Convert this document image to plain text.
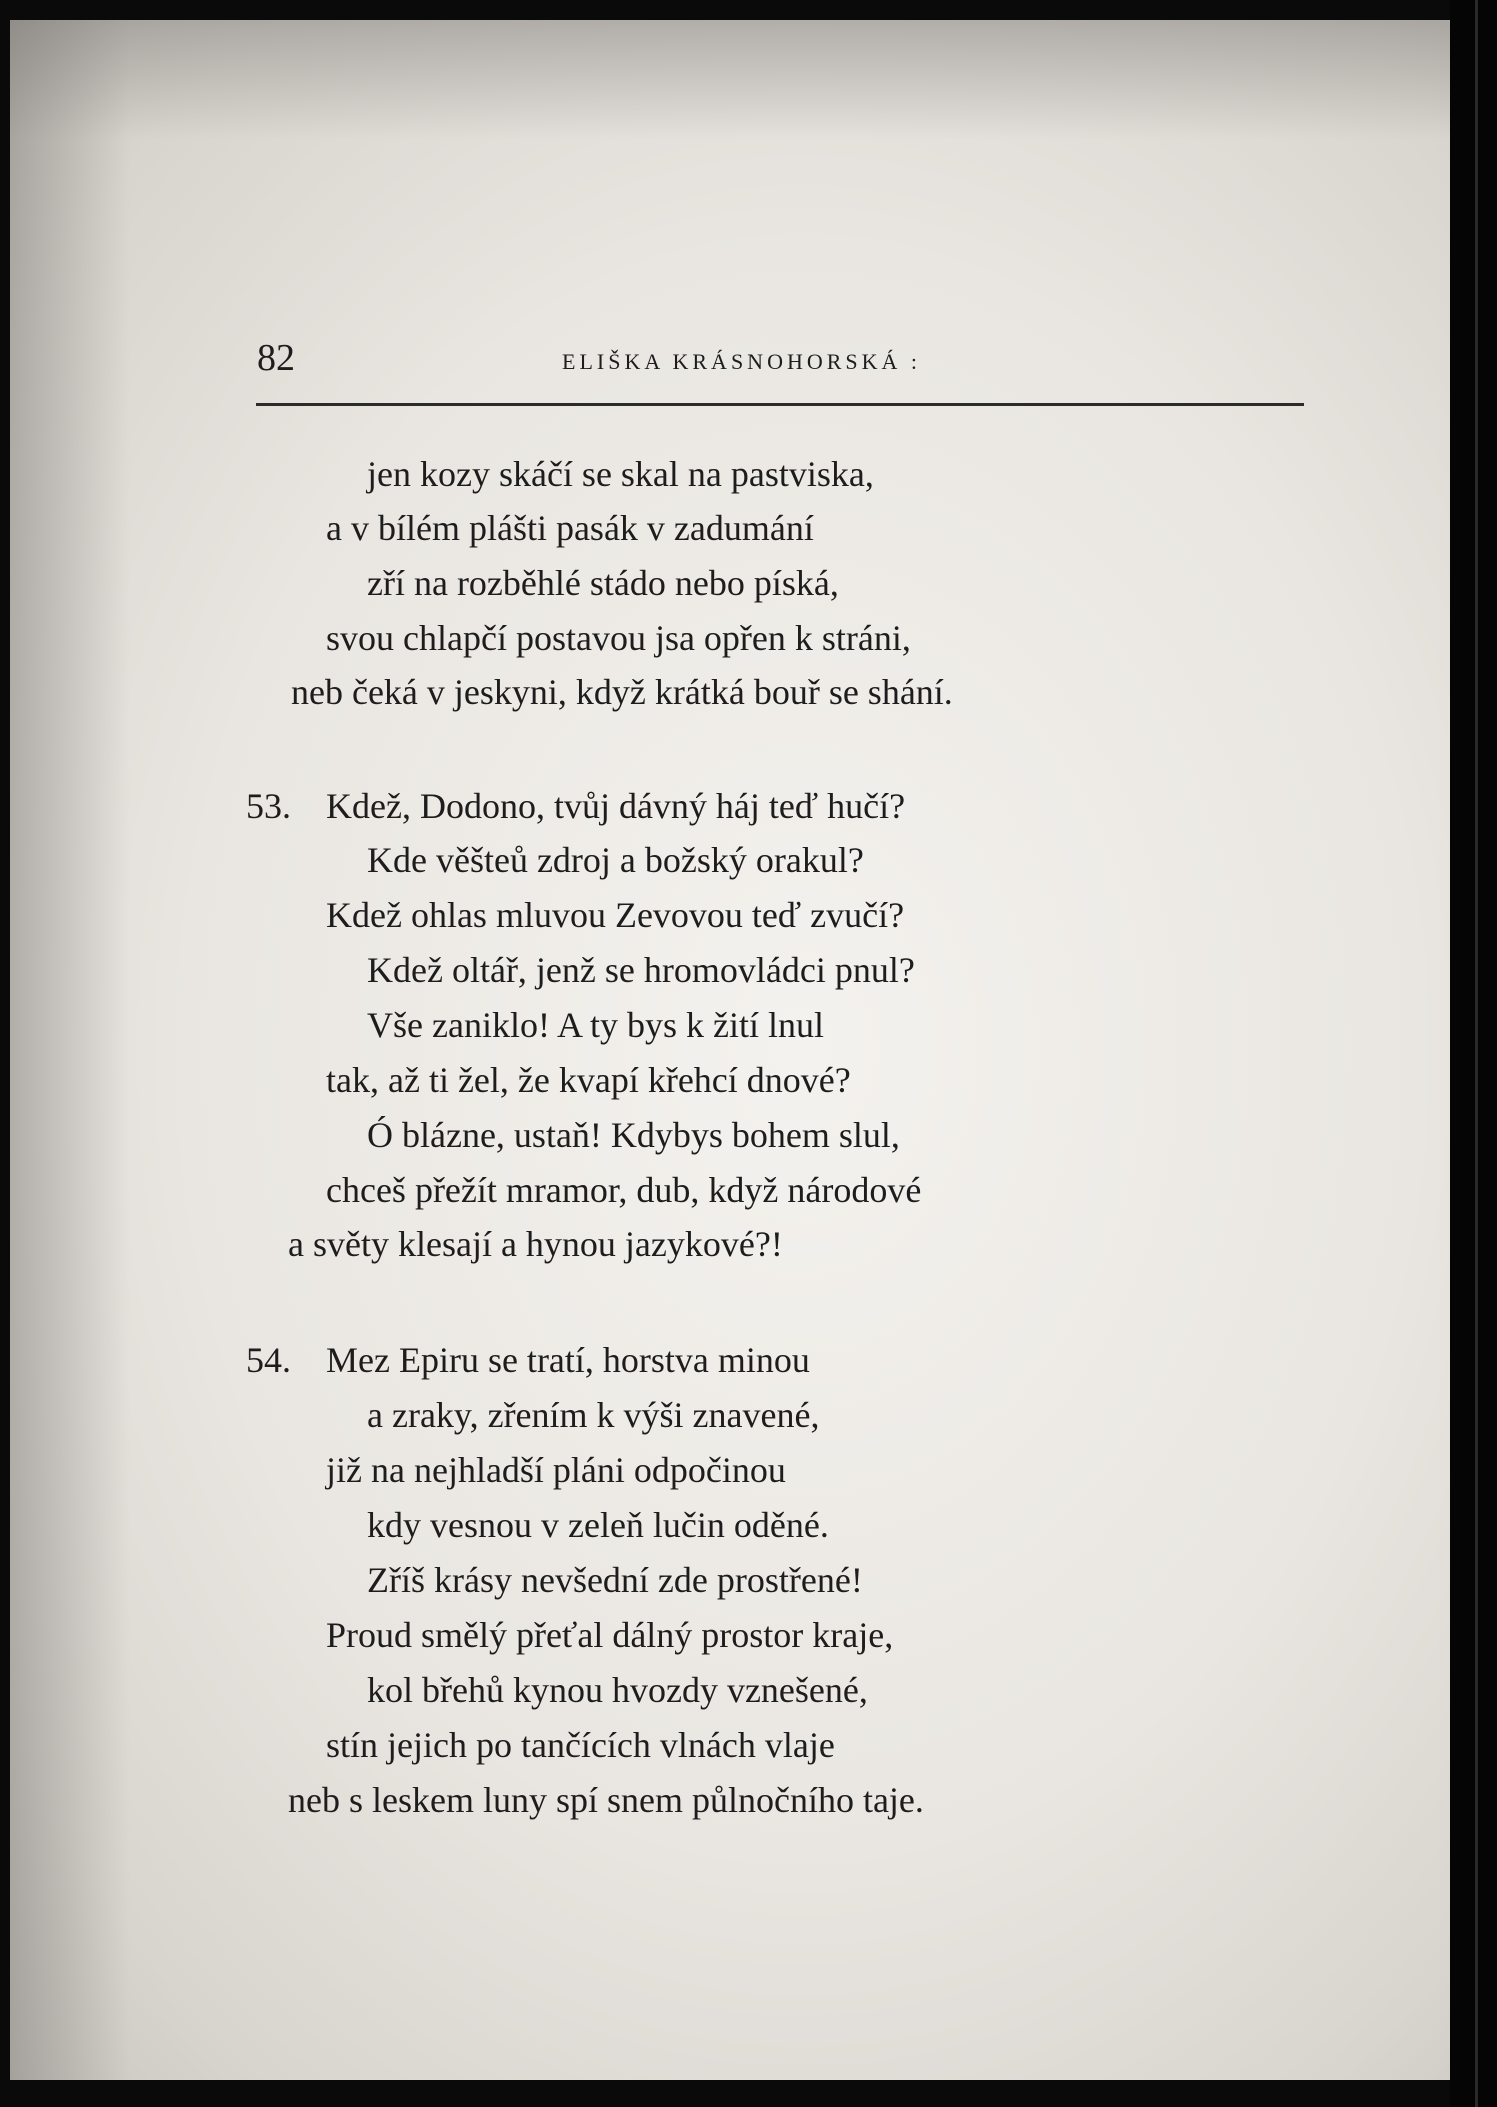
82	ELIŠKA KRÁSNOHORSKÁ :
jen kozy skáčí se skal na pastviska,
a v bílém plášti pasák v zadumání
zří na rozběhlé stádo nebo píská,
svou chlapčí postavou jsa opřen k stráni,
neb čeká v jeskyni, když krátká bouř se shání.
53. Kdež, Dodono, tvůj dávný háj teď hučí?
Kde věšteů zdroj a božský orakul?
Kdež ohlas mluvou Zevovou teď zvučí?
Kdež oltář, jenž se hromovládci pnul?
Vše zaniklo! A ty bys k žití lnul
tak, až ti žel, že kvapí křehcí dnové?
Ó blázne, ustaň! Kdybys bohem slul,
chceš přežít mramor, dub, když národové
a světy klesají a hynou jazykové?!
54. Mez Epiru se tratí, horstva minou
a zraky, zřením k výši znavené,
již na nejhladší pláni odpočinou
kdy vesnou v zeleň lučin oděné.
Zříš krásy nevšední zde prostřené!
Proud smělý přeťal dálný prostor kraje,
kol břehů kynou hvozdy vznešené,
stín jejich po tančících vlnách vlaje
neb s leskem luny spí snem půlnočního taje.
